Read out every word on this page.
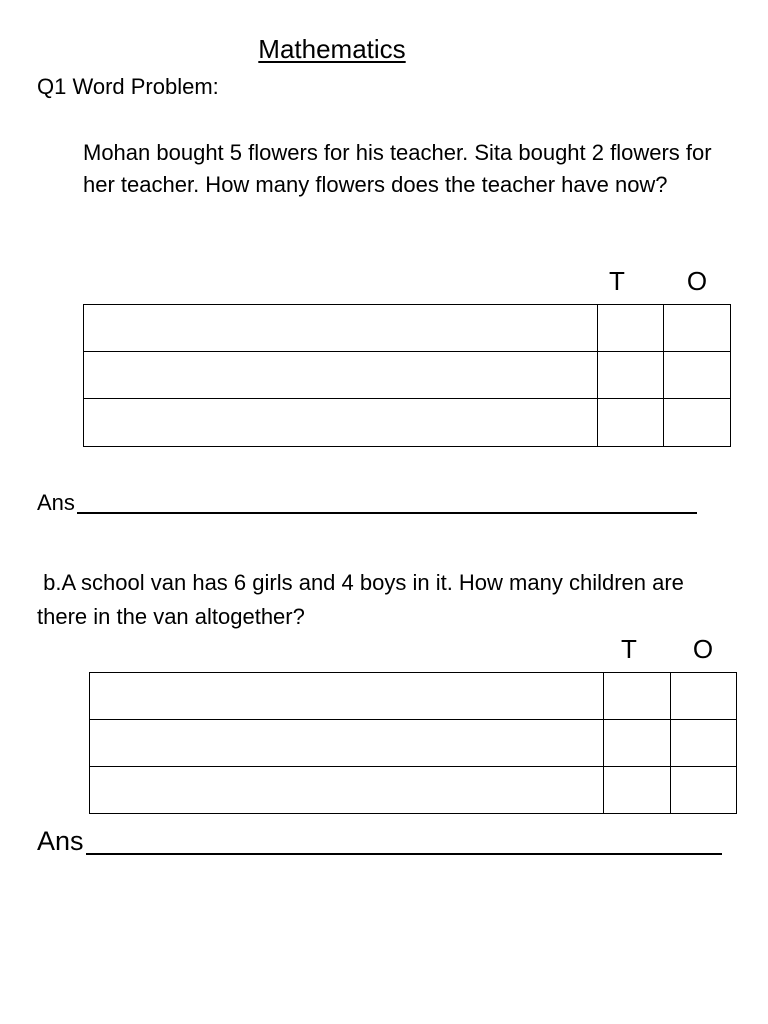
Mathematics
Q1 Word Problem:
Mohan bought 5 flowers for his teacher. Sita bought 2 flowers for her teacher. How many flowers does the teacher have now?
T	O

Ans
b.A school van has 6 girls and 4 boys in it. How many children are there in the van altogether?
T	O

Ans
